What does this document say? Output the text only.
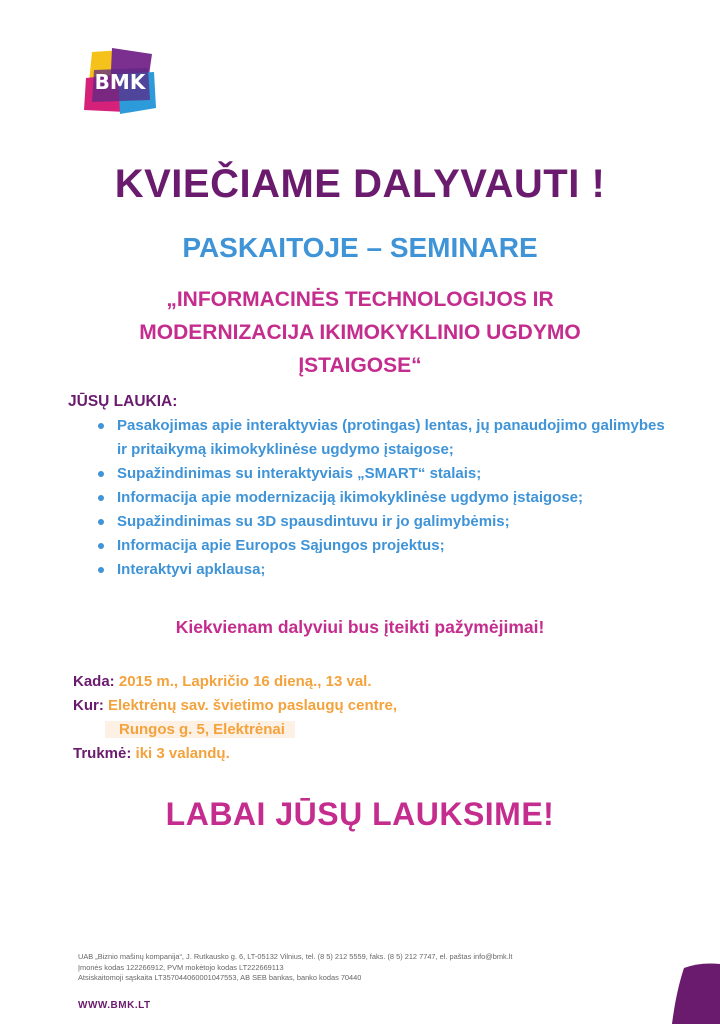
BMK
KVIEČIAME DALYVAUTI !
PASKAITOJE – SEMINARE
„INFORMACINĖS TECHNOLOGIJOS IR
MODERNIZACIJA IKIMOKYKLINIO UGDYMO
ĮSTAIGOSE“
JŪSŲ LAUKIA:
Pasakojimas apie interaktyvias (protingas) lentas, jų panaudojimo galimybes ir pritaikymą ikimokyklinėse ugdymo įstaigose;
Supažindinimas su interaktyviais „SMART“ stalais;
Informacija apie modernizaciją ikimokyklinėse ugdymo įstaigose;
Supažindinimas su 3D spausdintuvu ir jo galimybėmis;
Informacija apie Europos Sąjungos projektus;
Interaktyvi apklausa;
Kiekvienam dalyviui bus įteikti pažymėjimai!
Kada: 2015 m., Lapkričio 16 dieną., 13 val.
Kur: Elektrėnų sav. švietimo paslaugų centre,
Rungos g. 5, Elektrėnai
Trukmė: iki 3 valandų.
LABAI JŪSŲ LAUKSIME!
UAB „Biznio mašinų kompanija“, J. Rutkausko g. 6, LT-05132 Vilnius, tel. (8 5) 212 5559, faks. (8 5) 212 7747, el. paštas info@bmk.lt
Įmonės kodas 122266912, PVM mokėtojo kodas LT222669113
Atsiskaitomoji sąskaita LT357044060001047553, AB SEB bankas, banko kodas 70440
WWW.BMK.LT
